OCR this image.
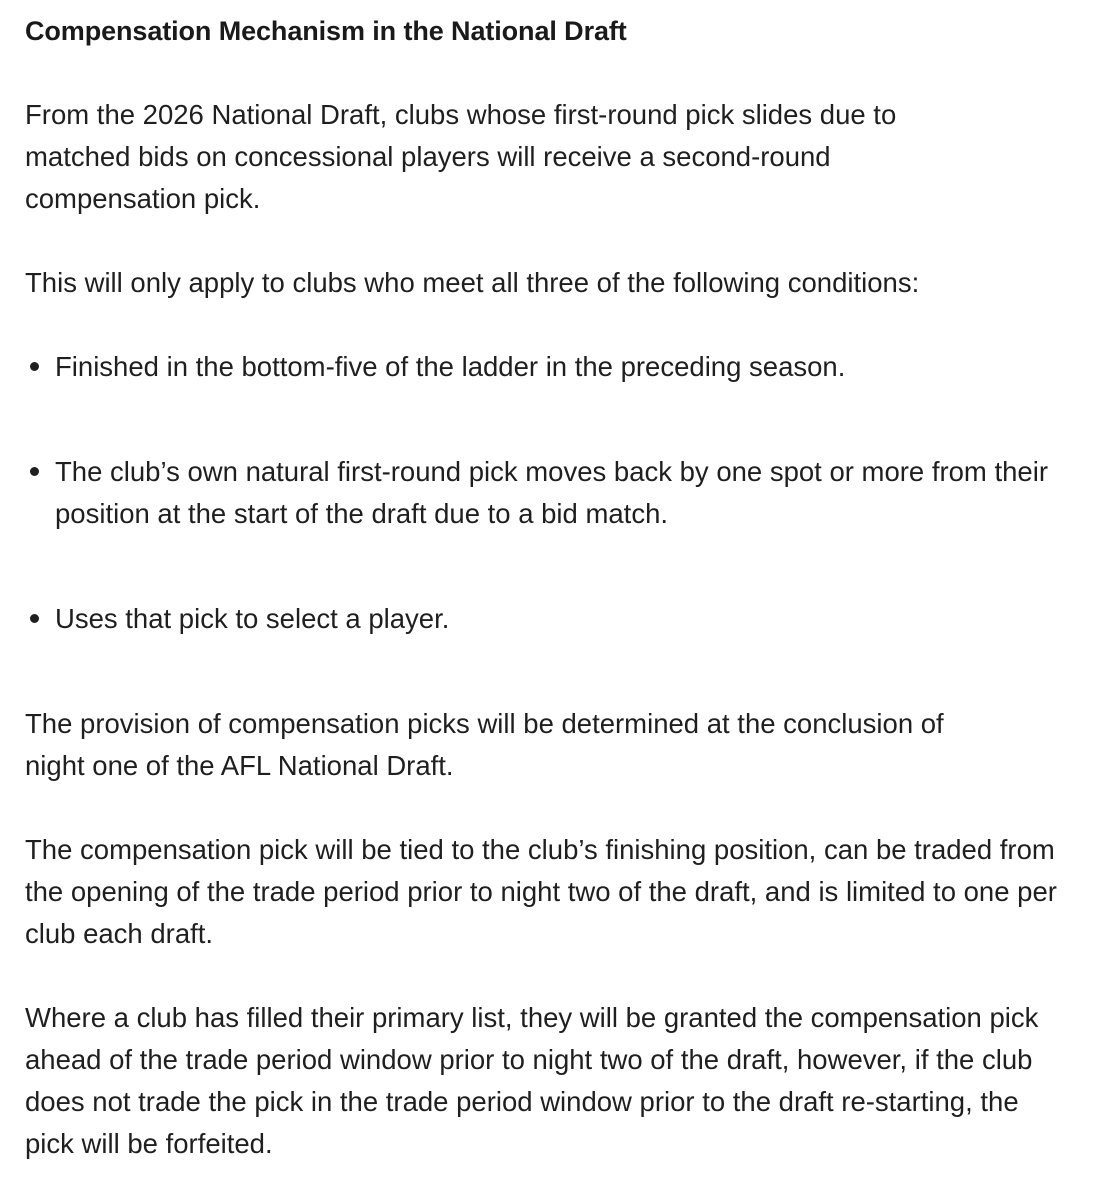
Compensation Mechanism in the National Draft

From the 2026 National Draft, clubs whose first-round pick slides due to matched bids on concessional players will receive a second-round compensation pick.

This will only apply to clubs who meet all three of the following conditions:

Finished in the bottom-five of the ladder in the preceding season.
The club’s own natural first-round pick moves back by one spot or more from their position at the start of the draft due to a bid match.
Uses that pick to select a player.

The provision of compensation picks will be determined at the conclusion of night one of the AFL National Draft.

The compensation pick will be tied to the club’s finishing position, can be traded from the opening of the trade period prior to night two of the draft, and is limited to one per club each draft.

Where a club has filled their primary list, they will be granted the compensation pick ahead of the trade period window prior to night two of the draft, however, if the club does not trade the pick in the trade period window prior to the draft re-starting, the pick will be forfeited.
